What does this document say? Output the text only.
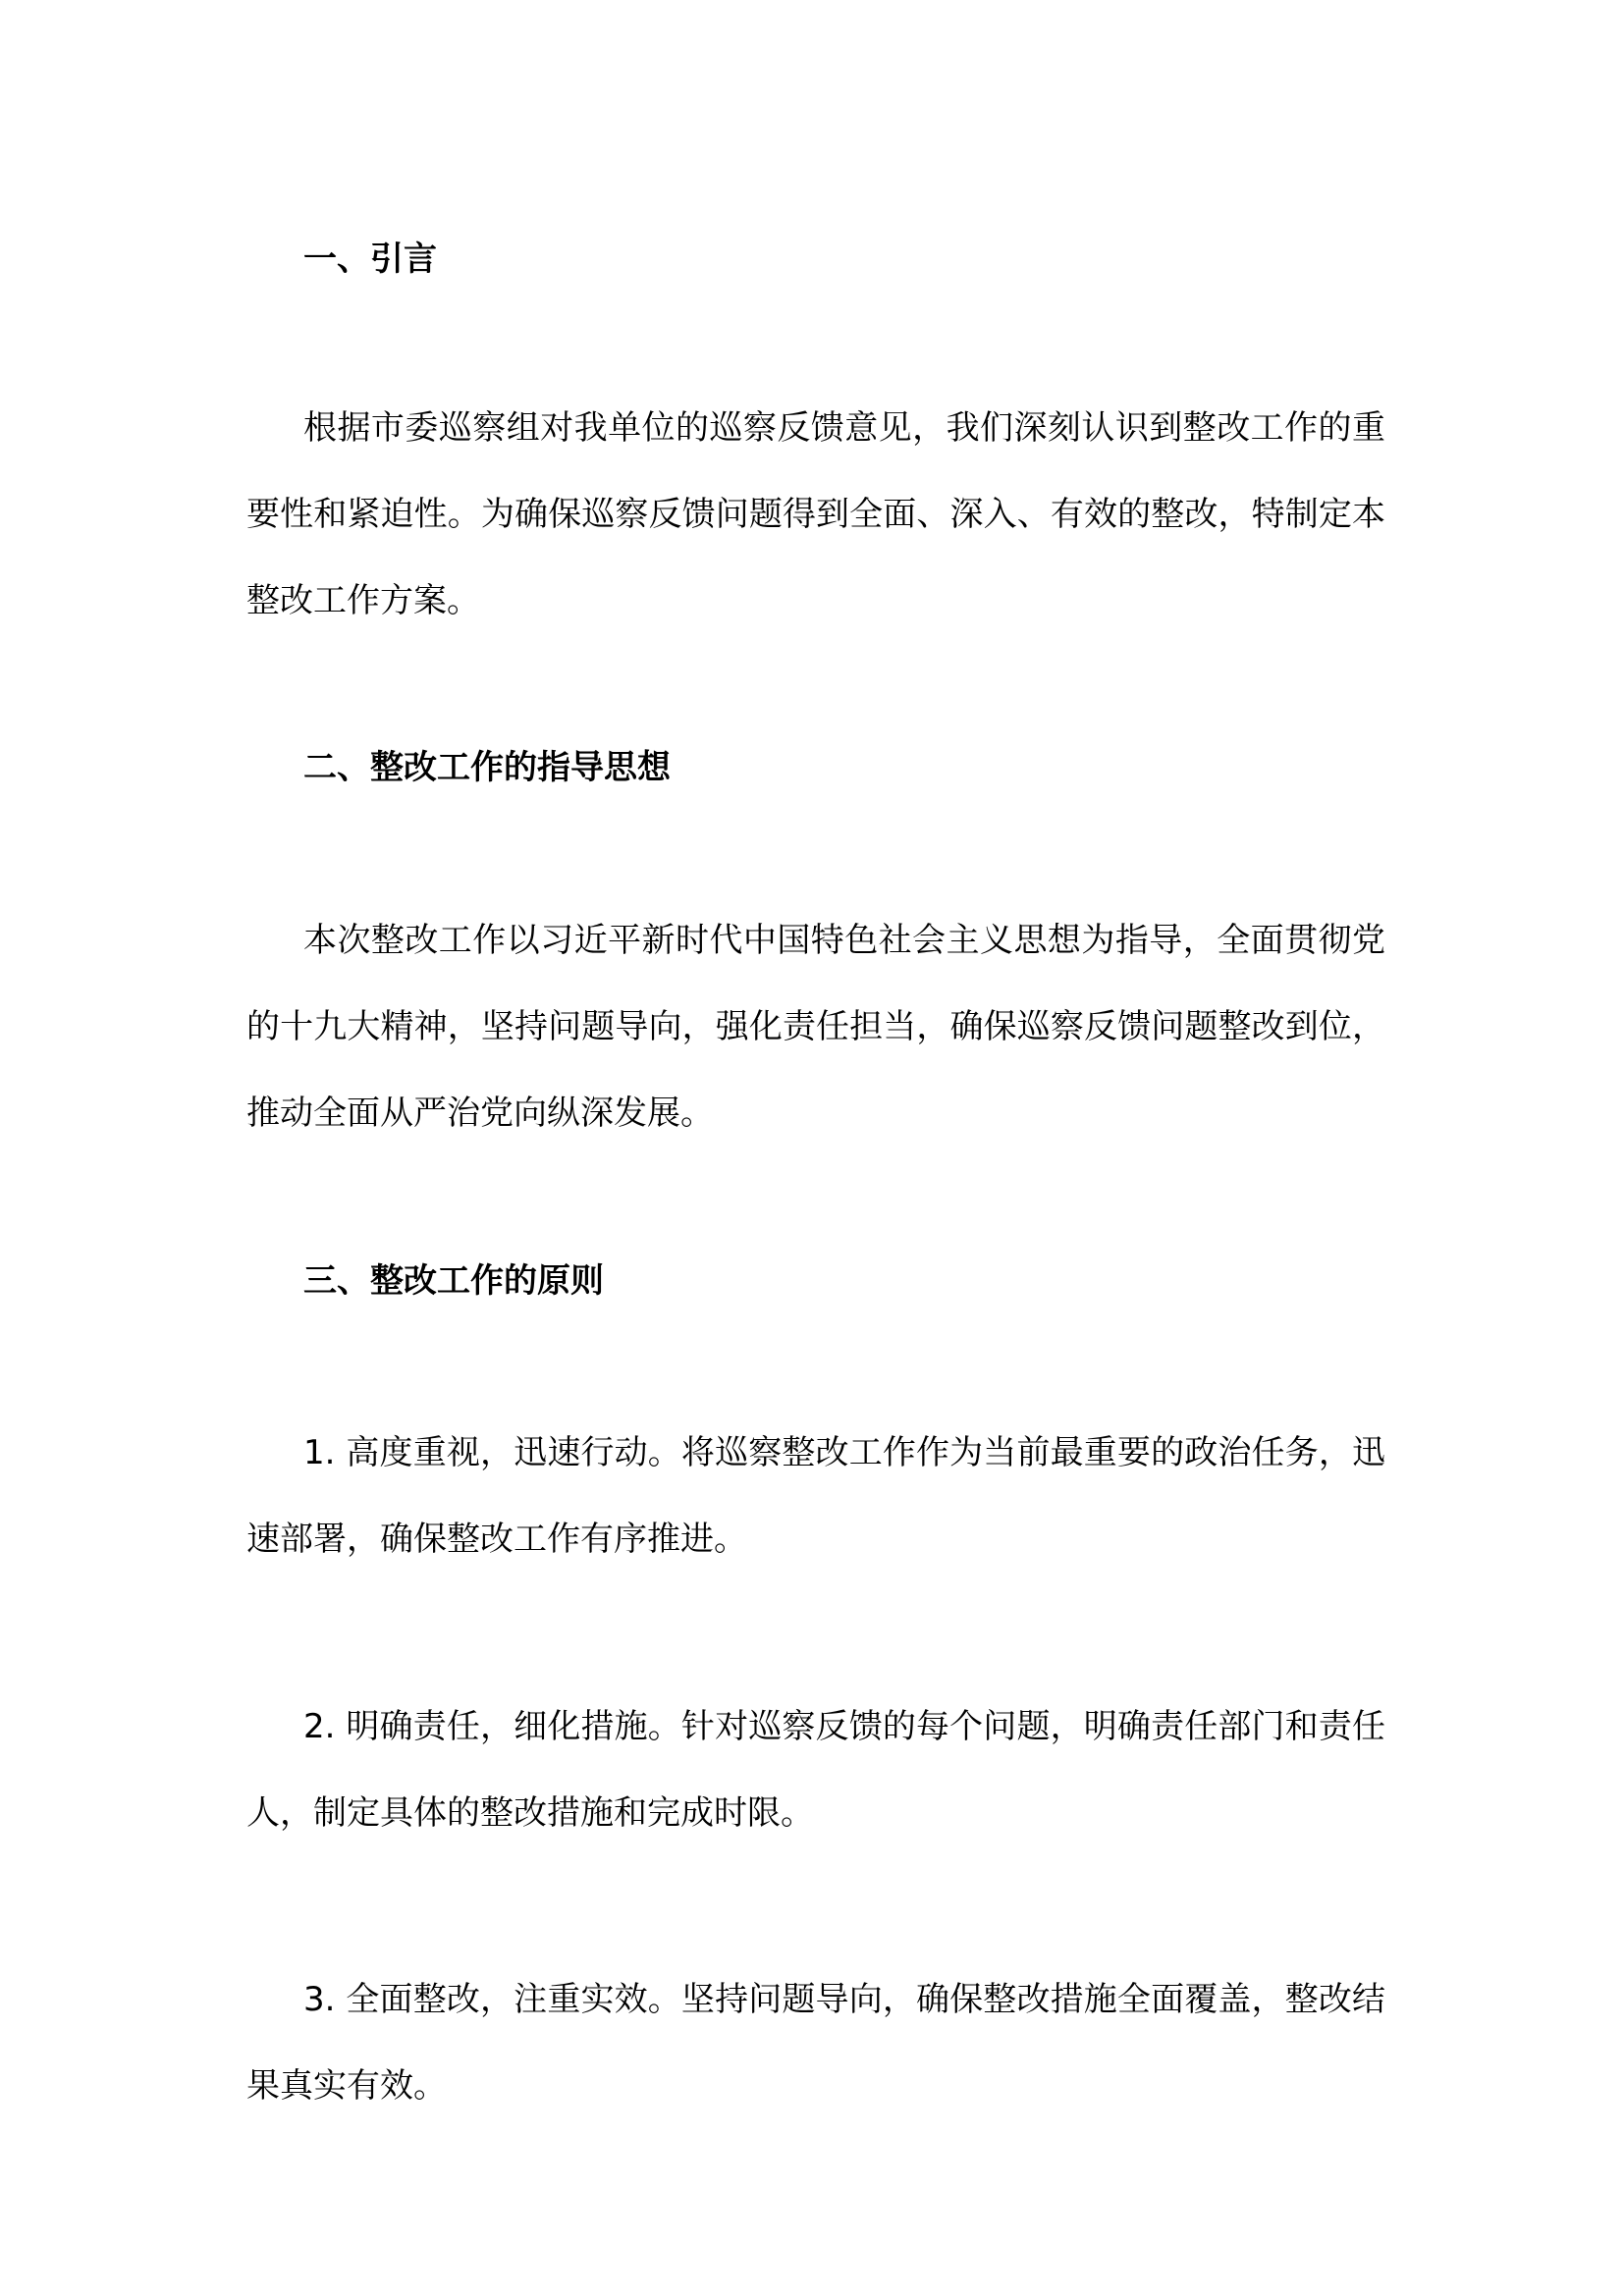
一、引言
根据市委巡察组对我单位的巡察反馈意见，我们深刻认识到整改工作的重要性和紧迫性。为确保巡察反馈问题得到全面、深入、有效的整改，特制定本整改工作方案。
二、整改工作的指导思想
本次整改工作以习近平新时代中国特色社会主义思想为指导，全面贯彻党的十九大精神，坚持问题导向，强化责任担当，确保巡察反馈问题整改到位，推动全面从严治党向纵深发展。
三、整改工作的原则
1. 高度重视，迅速行动。将巡察整改工作作为当前最重要的政治任务，迅速部署，确保整改工作有序推进。
2. 明确责任，细化措施。针对巡察反馈的每个问题，明确责任部门和责任人，制定具体的整改措施和完成时限。
3. 全面整改，注重实效。坚持问题导向，确保整改措施全面覆盖，整改结果真实有效。
